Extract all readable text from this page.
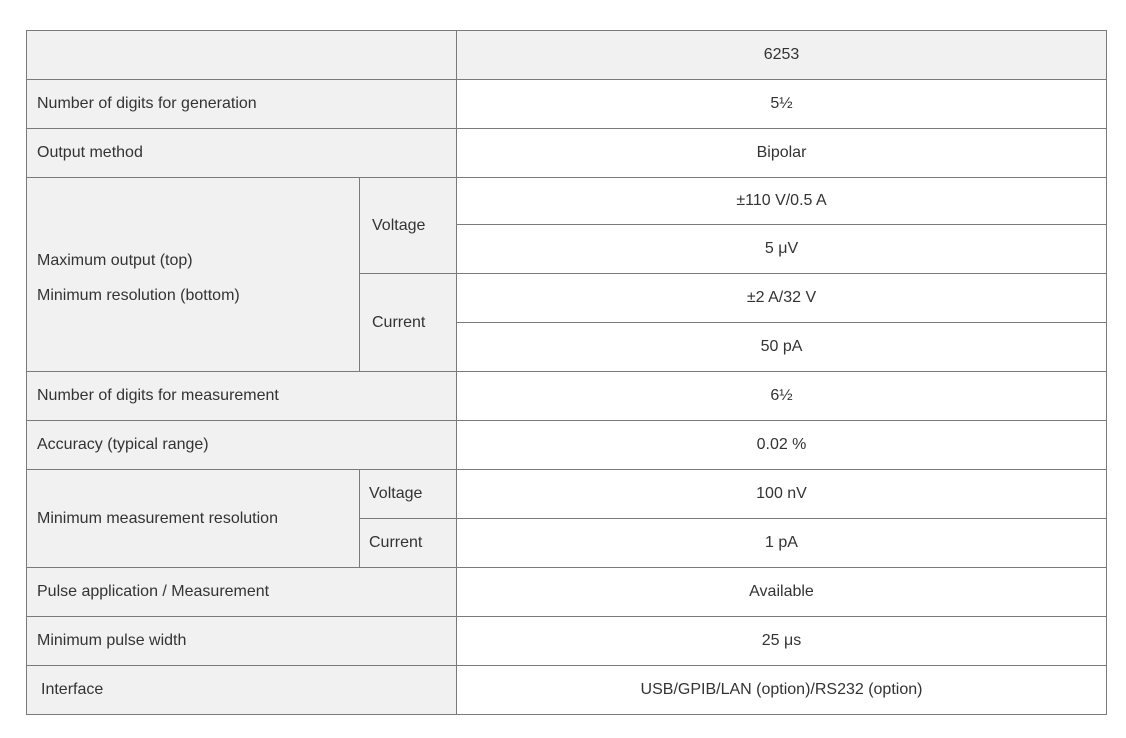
		6253
Number of digits for generation		5½
Output method		Bipolar

Maximum output (top)
Minimum resolution (bottom)	Voltage	±110 V/0.5 A
		5 μV
	Current	±2 A/32 V
		50 pA
Number of digits for measurement		6½
Accuracy (typical range)		0.02 %
Minimum measurement resolution	Voltage	100 nV
	Current	1 pA
Pulse application / Measurement		Available
Minimum pulse width		25 μs
Interface		USB/GPIB/LAN (option)/RS232 (option)
